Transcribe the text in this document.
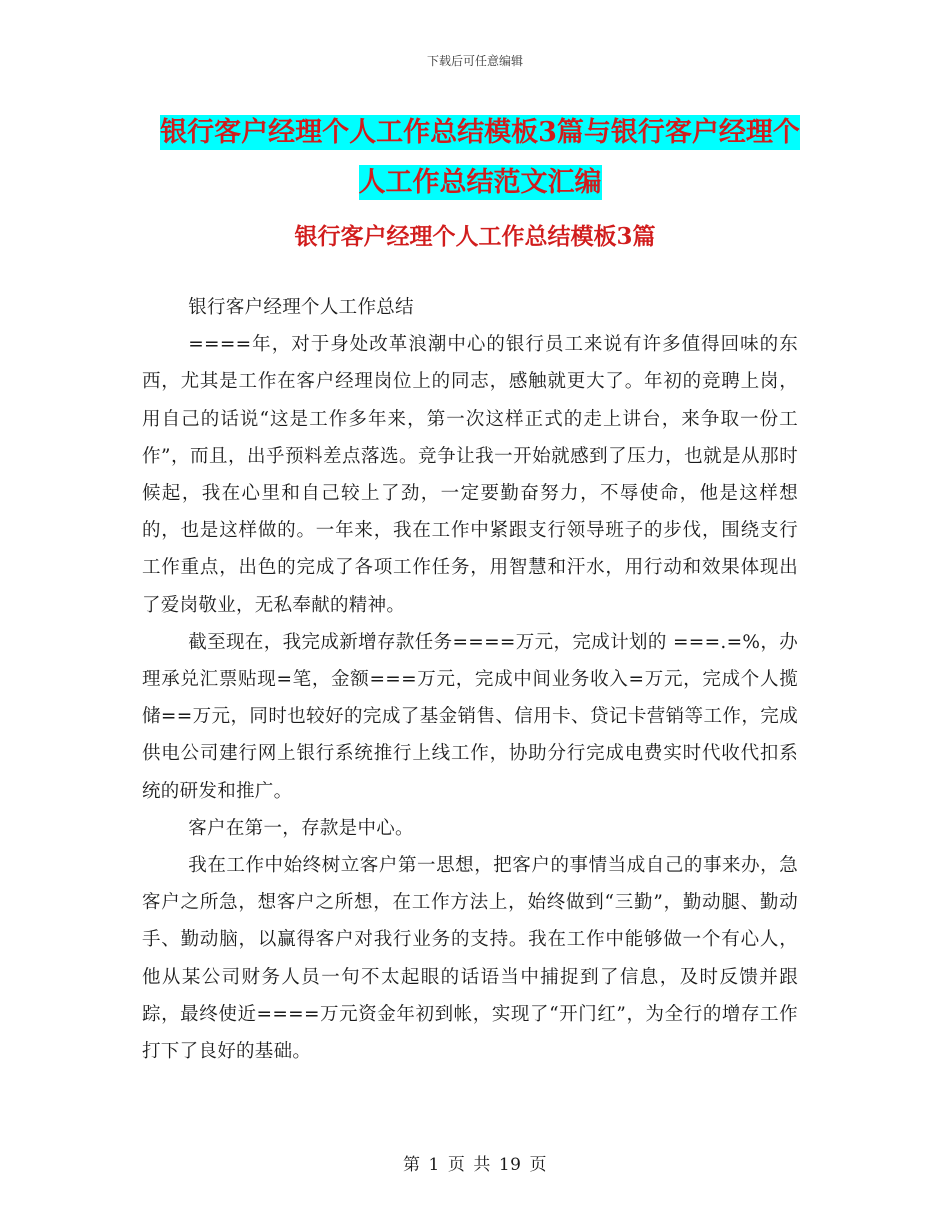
下载后可任意编辑
银行客户经理个人工作总结模板3篇与银行客户经理个人工作总结范文汇编
银行客户经理个人工作总结模板3篇

银行客户经理个人工作总结

====年，对于身处改革浪潮中心的银行员工来说有许多值得回味的东西，尤其是工作在客户经理岗位上的同志，感触就更大了。年初的竞聘上岗，用自己的话说“这是工作多年来，第一次这样正式的走上讲台，来争取一份工作”，而且，出乎预料差点落选。竞争让我一开始就感到了压力，也就是从那时候起，我在心里和自己较上了劲，一定要勤奋努力，不辱使命，他是这样想的，也是这样做的。一年来，我在工作中紧跟支行领导班子的步伐，围绕支行工作重点，出色的完成了各项工作任务，用智慧和汗水，用行动和效果体现出了爱岗敬业，无私奉献的精神。

截至现在，我完成新增存款任务====万元，完成计划的 ===.=%，办理承兑汇票贴现=笔，金额===万元，完成中间业务收入=万元，完成个人揽储==万元，同时也较好的完成了基金销售、信用卡、贷记卡营销等工作，完成供电公司建行网上银行系统推行上线工作，协助分行完成电费实时代收代扣系统的研发和推广。

客户在第一，存款是中心。

我在工作中始终树立客户第一思想，把客户的事情当成自己的事来办，急客户之所急，想客户之所想，在工作方法上，始终做到“三勤”，勤动腿、勤动手、勤动脑，以赢得客户对我行业务的支持。我在工作中能够做一个有心人，他从某公司财务人员一句不太起眼的话语当中捕捉到了信息，及时反馈并跟踪，最终使近====万元资金年初到帐，实现了“开门红”，为全行的增存工作打下了良好的基础。

第 1 页 共 19 页
